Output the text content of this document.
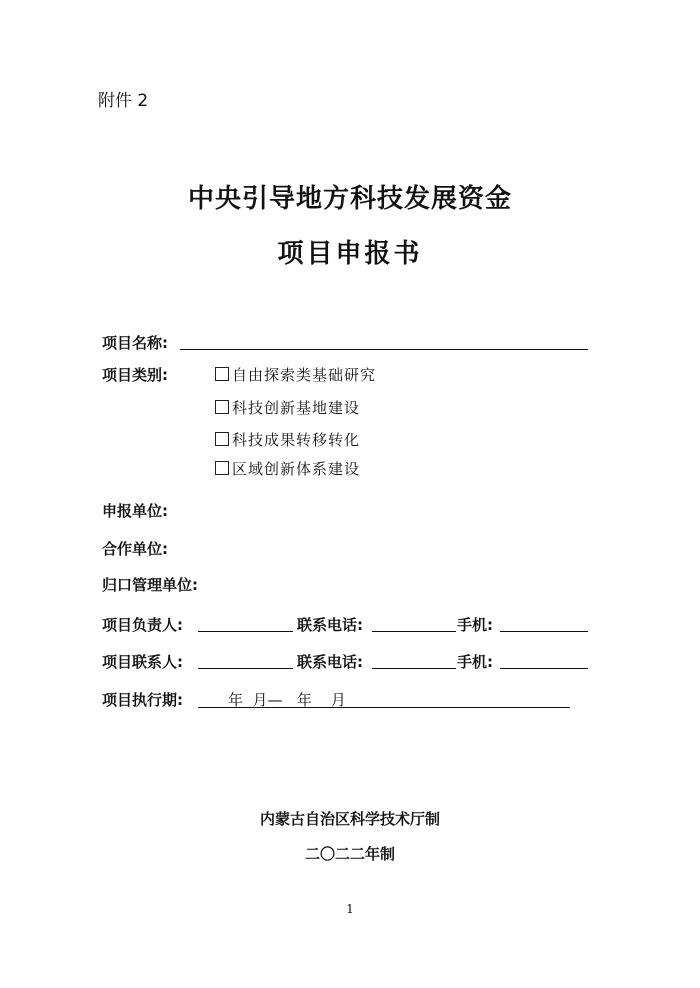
附件 2
中央引导地方科技发展资金
项目申报书
项目名称:
项目类别:	自由探索类基础研究
科技创新基地建设
科技成果转移转化
区域创新体系建设
申报单位:
合作单位:
归口管理单位:
项目负责人:	联系电话:	手机:
项目联系人:	联系电话:	手机:
项目执行期:	年  月—   年    月
内蒙古自治区科学技术厅制
二〇二二年制
1
